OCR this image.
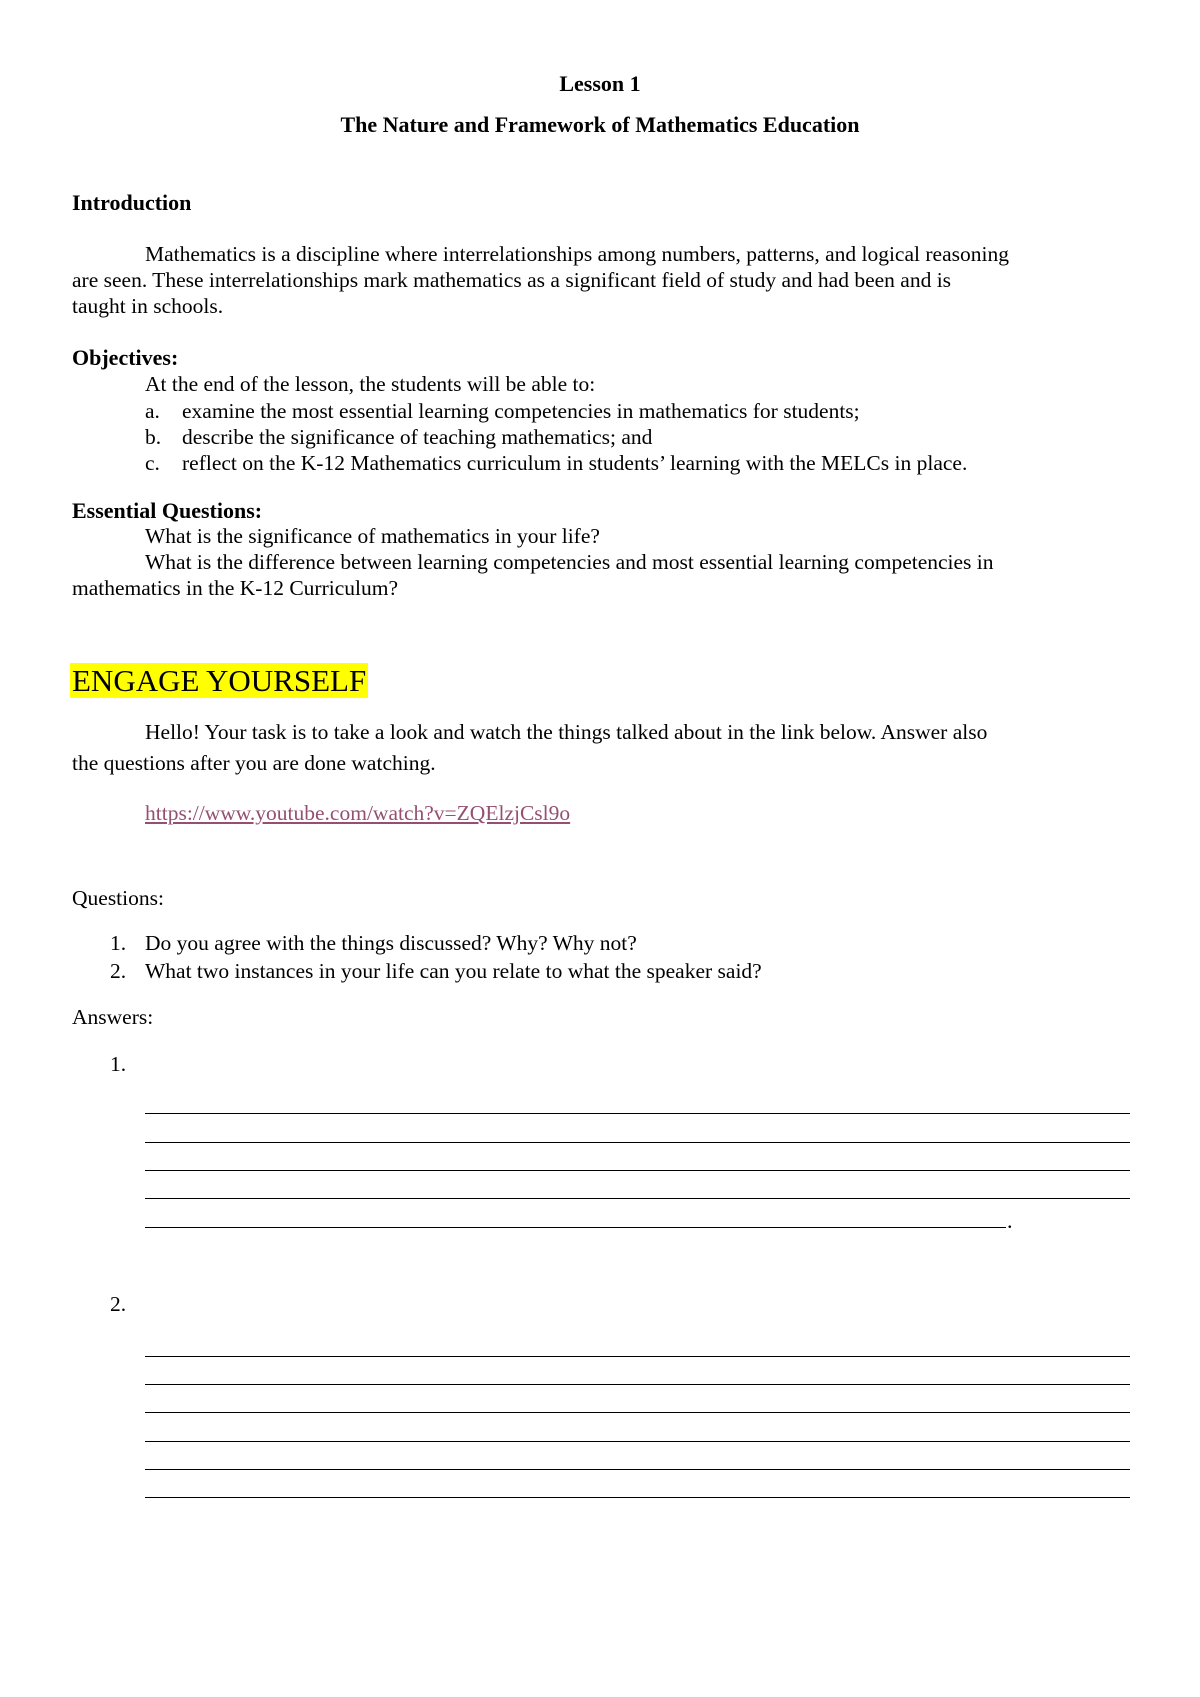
Lesson 1
The Nature and Framework of Mathematics Education
Introduction
Mathematics is a discipline where interrelationships among numbers, patterns, and logical reasoning
are seen. These interrelationships mark mathematics as a significant field of study and had been and is
taught in schools.
Objectives:
At the end of the lesson, the students will be able to:
a. examine the most essential learning competencies in mathematics for students;
b. describe the significance of teaching mathematics; and
c. reflect on the K-12 Mathematics curriculum in students’ learning with the MELCs in place.
Essential Questions:
What is the significance of mathematics in your life?
What is the difference between learning competencies and most essential learning competencies in
mathematics in the K-12 Curriculum?
ENGAGE YOURSELF
Hello! Your task is to take a look and watch the things talked about in the link below. Answer also
the questions after you are done watching.
https://www.youtube.com/watch?v=ZQElzjCsl9o
Questions:
1. Do you agree with the things discussed? Why? Why not?
2. What two instances in your life can you relate to what the speaker said?
Answers:
1.
.
2.
